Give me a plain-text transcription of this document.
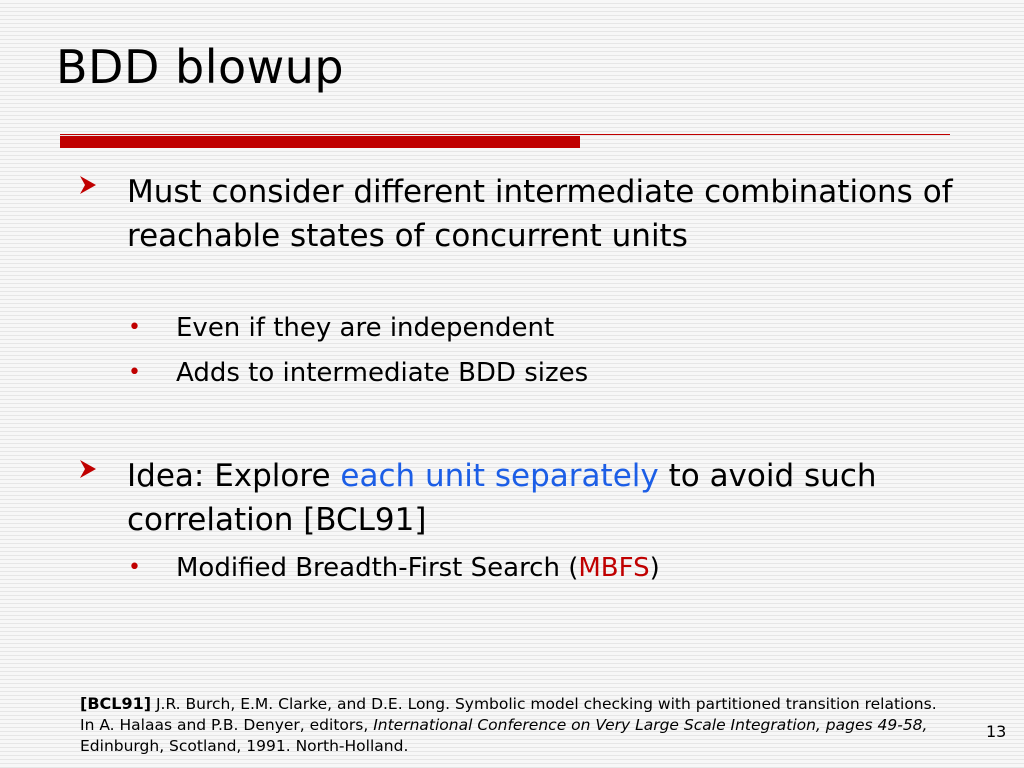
BDD blowup
Must consider different intermediate combinations of reachable states of concurrent units
• Even if they are independent
• Adds to intermediate BDD sizes
Idea: Explore each unit separately to avoid such correlation [BCL91]
• Modified Breadth-First Search (MBFS)
[BCL91] J.R. Burch, E.M. Clarke, and D.E. Long. Symbolic model checking with partitioned transition relations. In A. Halaas and P.B. Denyer, editors, International Conference on Very Large Scale Integration, pages 49-58, Edinburgh, Scotland, 1991. North-Holland.
13
